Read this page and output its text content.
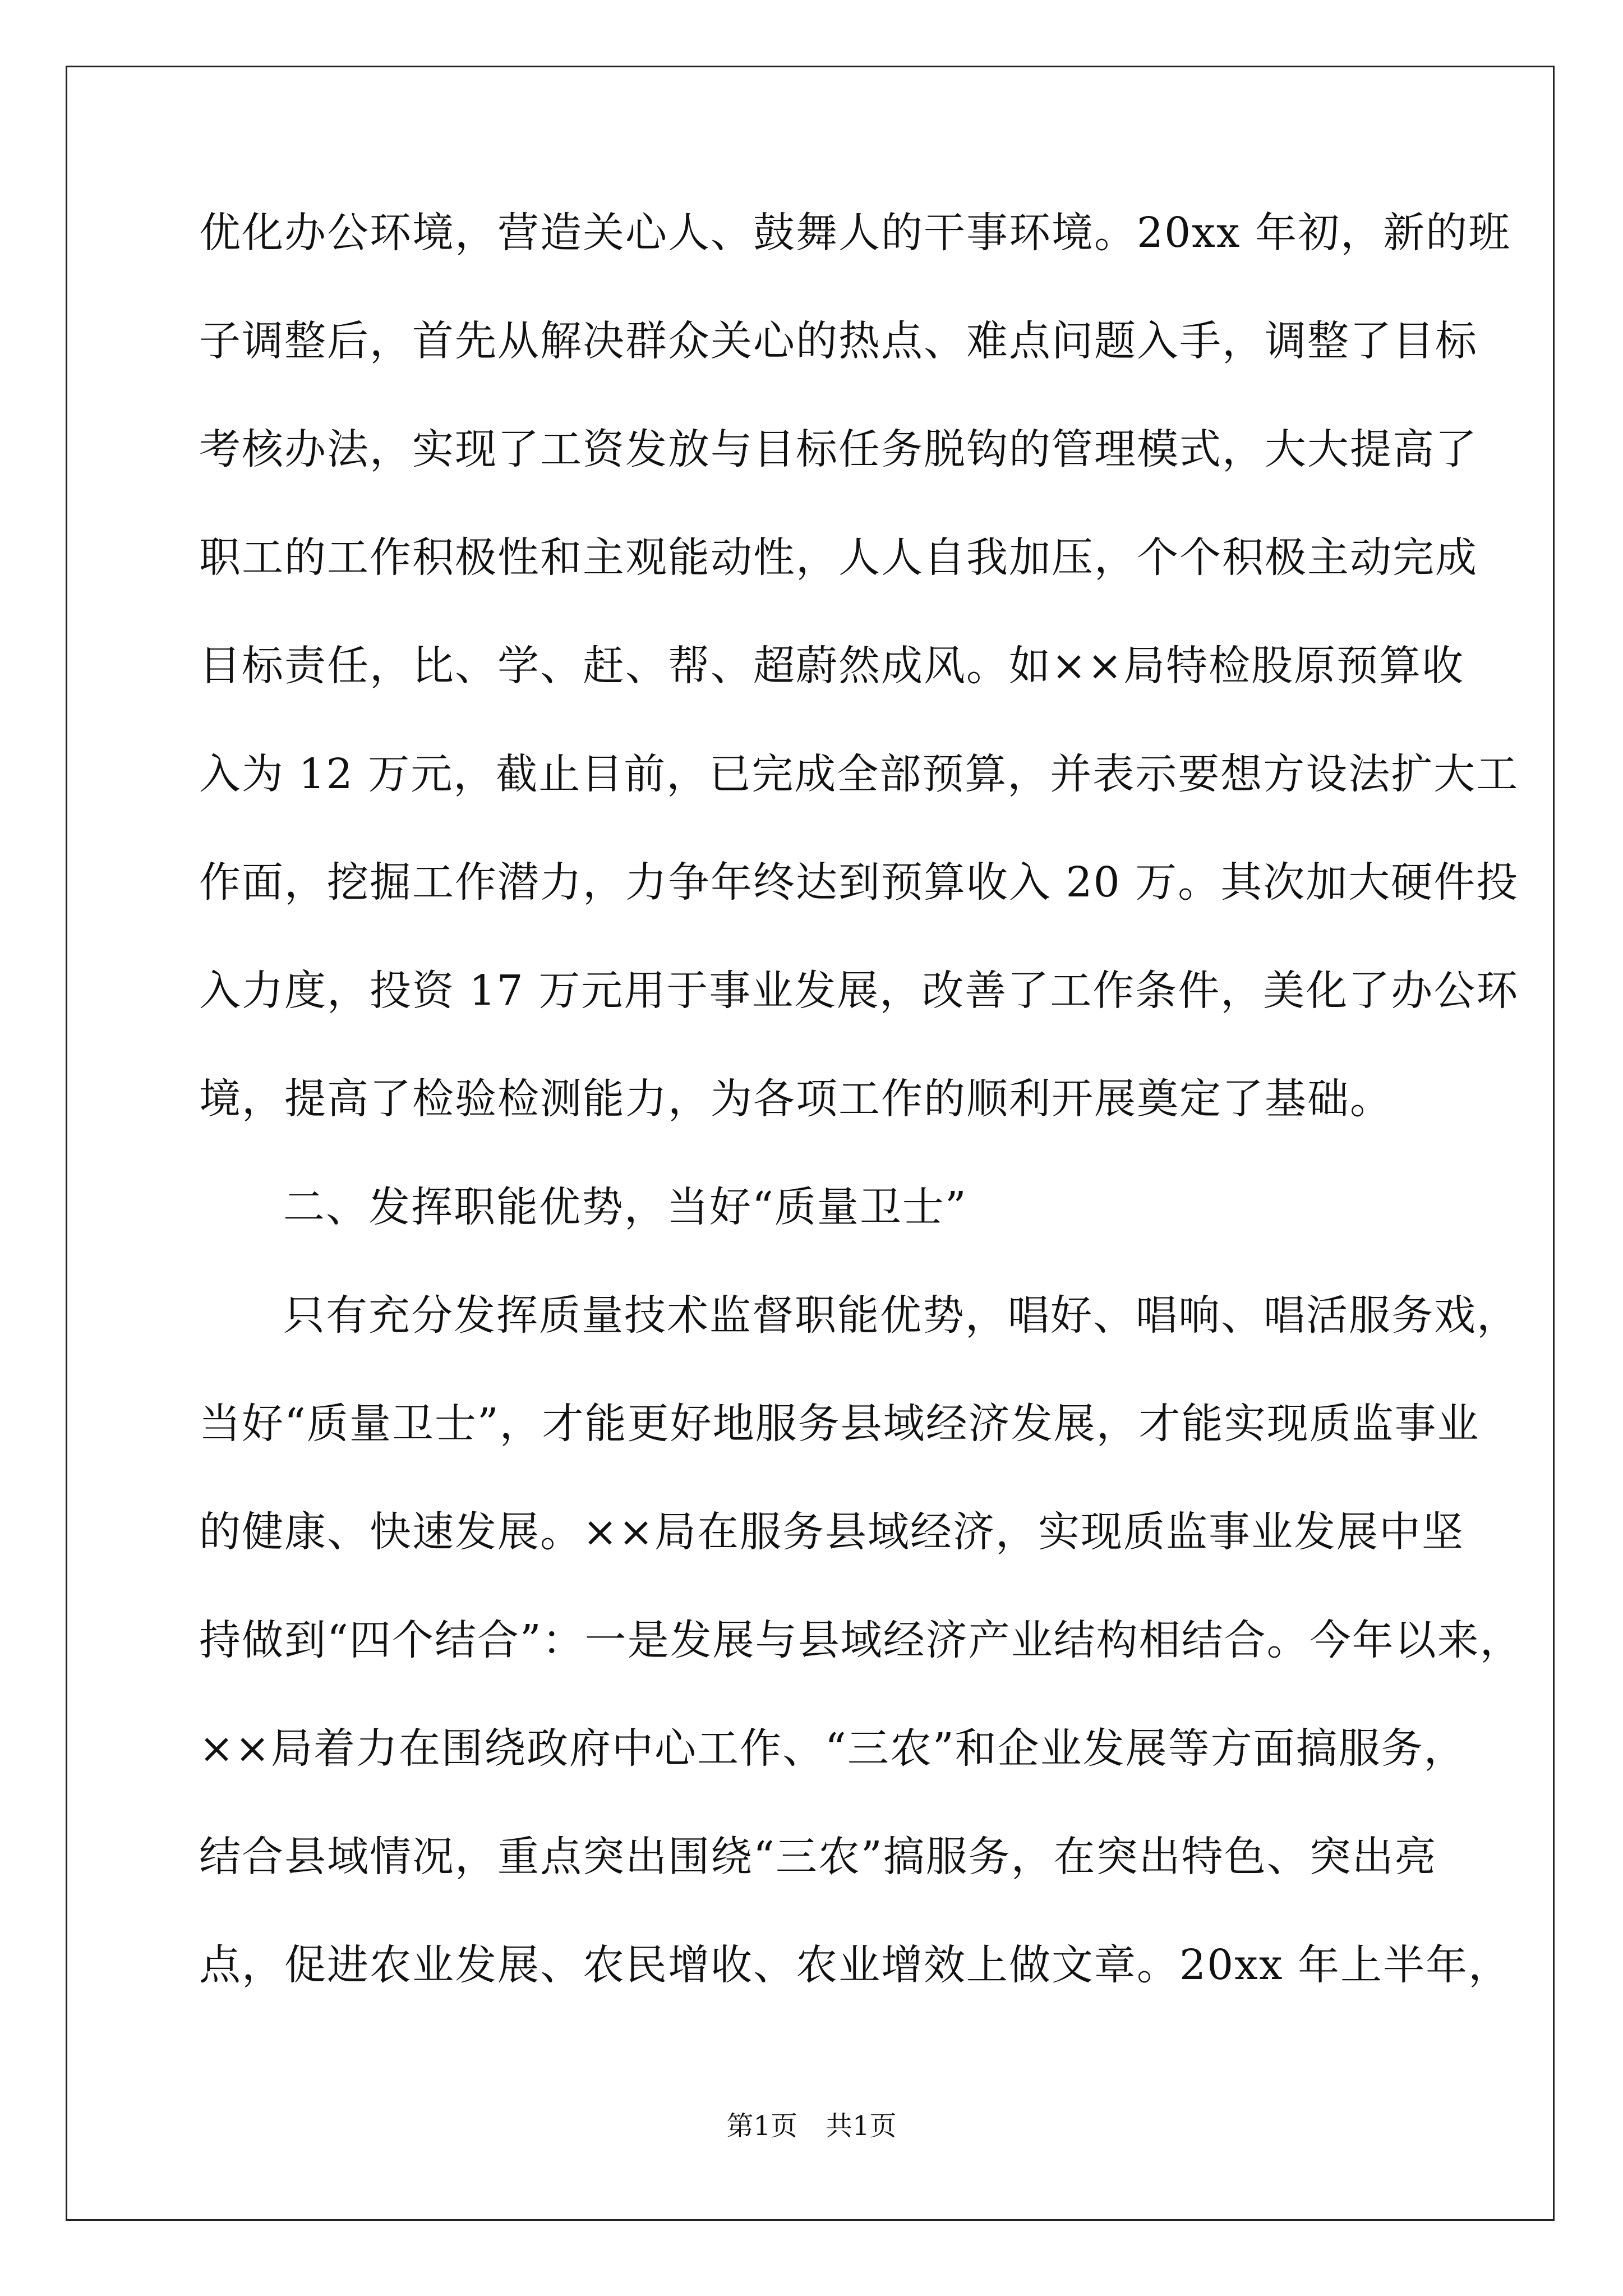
优化办公环境，营造关心人、鼓舞人的干事环境。20xx 年初，新的班
子调整后，首先从解决群众关心的热点、难点问题入手，调整了目标
考核办法，实现了工资发放与目标任务脱钩的管理模式，大大提高了
职工的工作积极性和主观能动性，人人自我加压，个个积极主动完成
目标责任，比、学、赶、帮、超蔚然成风。如××局特检股原预算收
入为 12 万元，截止目前，已完成全部预算，并表示要想方设法扩大工
作面，挖掘工作潜力，力争年终达到预算收入 20 万。其次加大硬件投
入力度，投资 17 万元用于事业发展，改善了工作条件，美化了办公环
境，提高了检验检测能力，为各项工作的顺利开展奠定了基础。
二、发挥职能优势，当好“质量卫士”
只有充分发挥质量技术监督职能优势，唱好、唱响、唱活服务戏，
当好“质量卫士”，才能更好地服务县域经济发展，才能实现质监事业
的健康、快速发展。××局在服务县域经济，实现质监事业发展中坚
持做到“四个结合”：一是发展与县域经济产业结构相结合。今年以来，
××局着力在围绕政府中心工作、“三农”和企业发展等方面搞服务，
结合县域情况，重点突出围绕“三农”搞服务，在突出特色、突出亮
点，促进农业发展、农民增收、农业增效上做文章。20xx 年上半年，
第1页 共1页
